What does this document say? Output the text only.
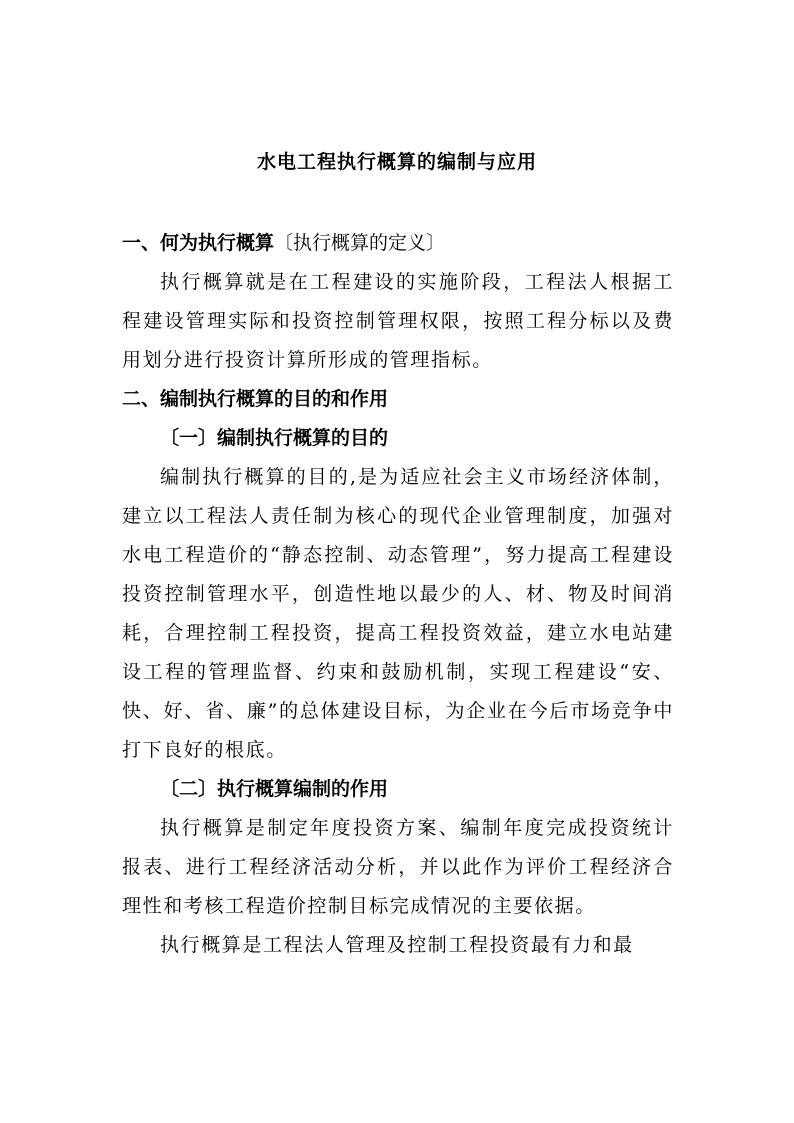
水电工程执行概算的编制与应用

一、何为执行概算〔执行概算的定义〕

执行概算就是在工程建设的实施阶段，工程法人根据工程建设管理实际和投资控制管理权限，按照工程分标以及费用划分进行投资计算所形成的管理指标。

二、编制执行概算的目的和作用

〔一〕编制执行概算的目的

编制执行概算的目的,是为适应社会主义市场经济体制，建立以工程法人责任制为核心的现代企业管理制度，加强对水电工程造价的“静态控制、动态管理”，努力提高工程建设投资控制管理水平，创造性地以最少的人、材、物及时间消耗，合理控制工程投资，提高工程投资效益，建立水电站建设工程的管理监督、约束和鼓励机制，实现工程建设“安、快、好、省、廉”的总体建设目标，为企业在今后市场竞争中打下良好的根底。

〔二〕执行概算编制的作用

执行概算是制定年度投资方案、编制年度完成投资统计报表、进行工程经济活动分析，并以此作为评价工程经济合理性和考核工程造价控制目标完成情况的主要依据。

执行概算是工程法人管理及控制工程投资最有力和最
